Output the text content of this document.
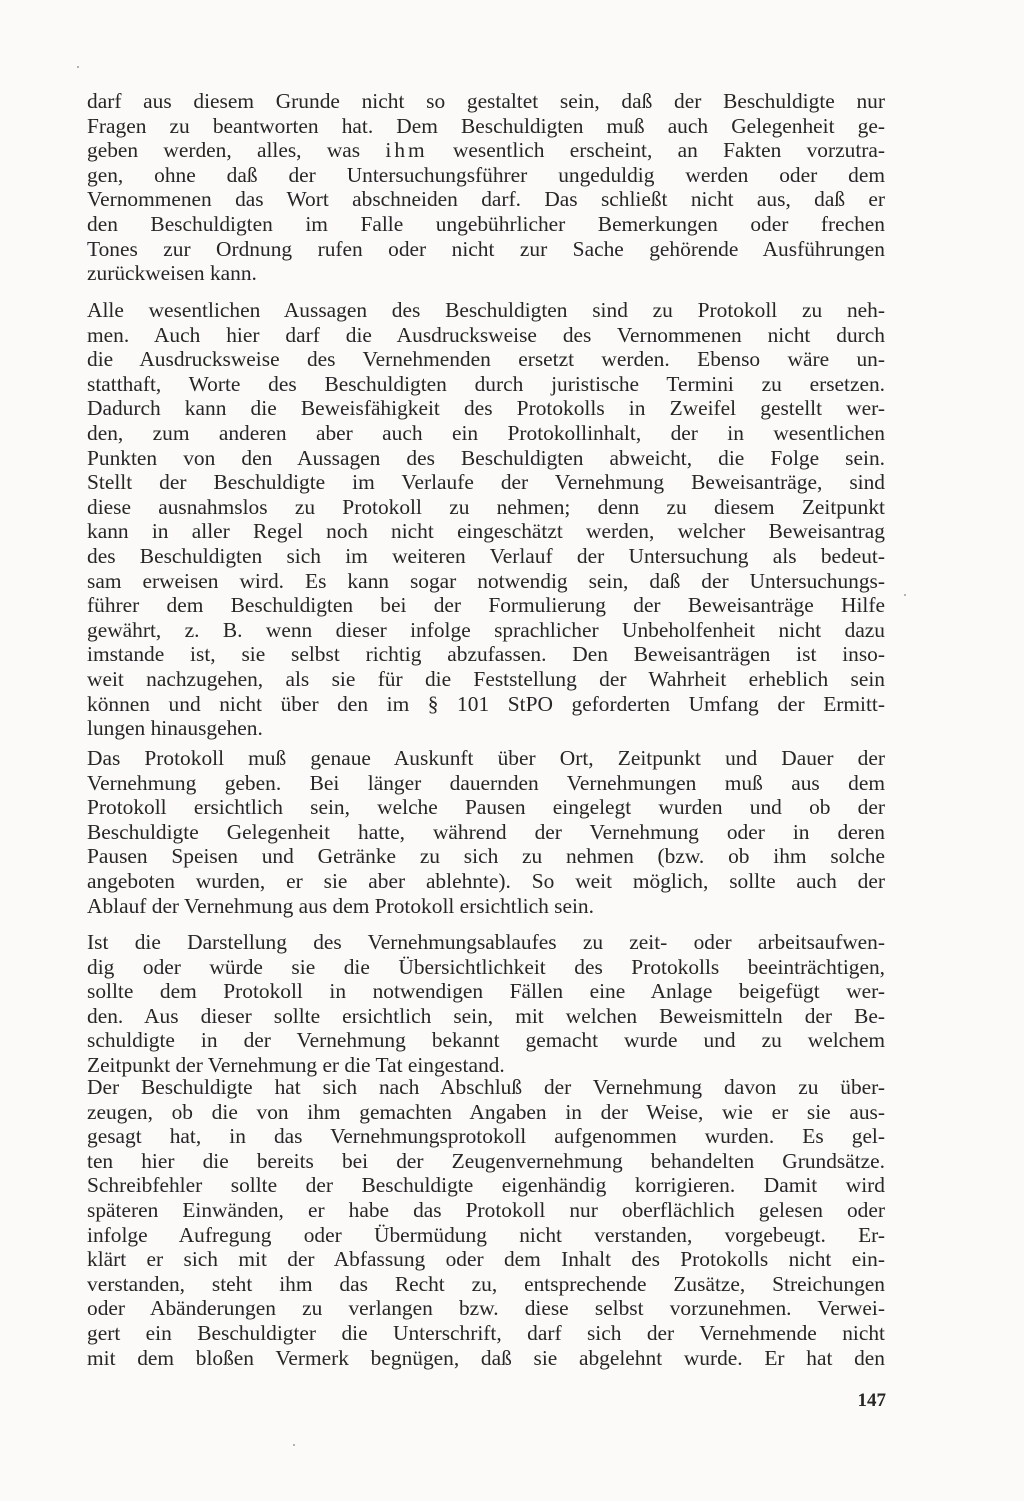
darf aus diesem Grunde nicht so gestaltet sein, daß der Beschuldigte nur
Fragen zu beantworten hat. Dem Beschuldigten muß auch Gelegenheit ge-
geben werden, alles, was ihm wesentlich erscheint, an Fakten vorzutra-
gen, ohne daß der Untersuchungsführer ungeduldig werden oder dem
Vernommenen das Wort abschneiden darf. Das schließt nicht aus, daß er
den Beschuldigten im Falle ungebührlicher Bemerkungen oder frechen
Tones zur Ordnung rufen oder nicht zur Sache gehörende Ausführungen
zurückweisen kann.
Alle wesentlichen Aussagen des Beschuldigten sind zu Protokoll zu neh-
men. Auch hier darf die Ausdrucksweise des Vernommenen nicht durch
die Ausdrucksweise des Vernehmenden ersetzt werden. Ebenso wäre un-
statthaft, Worte des Beschuldigten durch juristische Termini zu ersetzen.
Dadurch kann die Beweisfähigkeit des Protokolls in Zweifel gestellt wer-
den, zum anderen aber auch ein Protokollinhalt, der in wesentlichen
Punkten von den Aussagen des Beschuldigten abweicht, die Folge sein.
Stellt der Beschuldigte im Verlaufe der Vernehmung Beweisanträge, sind
diese ausnahmslos zu Protokoll zu nehmen; denn zu diesem Zeitpunkt
kann in aller Regel noch nicht eingeschätzt werden, welcher Beweisantrag
des Beschuldigten sich im weiteren Verlauf der Untersuchung als bedeut-
sam erweisen wird. Es kann sogar notwendig sein, daß der Untersuchungs-
führer dem Beschuldigten bei der Formulierung der Beweisanträge Hilfe
gewährt, z. B. wenn dieser infolge sprachlicher Unbeholfenheit nicht dazu
imstande ist, sie selbst richtig abzufassen. Den Beweisanträgen ist inso-
weit nachzugehen, als sie für die Feststellung der Wahrheit erheblich sein
können und nicht über den im § 101 StPO geforderten Umfang der Ermitt-
lungen hinausgehen.
Das Protokoll muß genaue Auskunft über Ort, Zeitpunkt und Dauer der
Vernehmung geben. Bei länger dauernden Vernehmungen muß aus dem
Protokoll ersichtlich sein, welche Pausen eingelegt wurden und ob der
Beschuldigte Gelegenheit hatte, während der Vernehmung oder in deren
Pausen Speisen und Getränke zu sich zu nehmen (bzw. ob ihm solche
angeboten wurden, er sie aber ablehnte). So weit möglich, sollte auch der
Ablauf der Vernehmung aus dem Protokoll ersichtlich sein.
Ist die Darstellung des Vernehmungsablaufes zu zeit- oder arbeitsaufwen-
dig oder würde sie die Übersichtlichkeit des Protokolls beeinträchtigen,
sollte dem Protokoll in notwendigen Fällen eine Anlage beigefügt wer-
den. Aus dieser sollte ersichtlich sein, mit welchen Beweismitteln der Be-
schuldigte in der Vernehmung bekannt gemacht wurde und zu welchem
Zeitpunkt der Vernehmung er die Tat eingestand.
Der Beschuldigte hat sich nach Abschluß der Vernehmung davon zu über-
zeugen, ob die von ihm gemachten Angaben in der Weise, wie er sie aus-
gesagt hat, in das Vernehmungsprotokoll aufgenommen wurden. Es gel-
ten hier die bereits bei der Zeugenvernehmung behandelten Grundsätze.
Schreibfehler sollte der Beschuldigte eigenhändig korrigieren. Damit wird
späteren Einwänden, er habe das Protokoll nur oberflächlich gelesen oder
infolge Aufregung oder Übermüdung nicht verstanden, vorgebeugt. Er-
klärt er sich mit der Abfassung oder dem Inhalt des Protokolls nicht ein-
verstanden, steht ihm das Recht zu, entsprechende Zusätze, Streichungen
oder Abänderungen zu verlangen bzw. diese selbst vorzunehmen. Verwei-
gert ein Beschuldigter die Unterschrift, darf sich der Vernehmende nicht
mit dem bloßen Vermerk begnügen, daß sie abgelehnt wurde. Er hat den
147
